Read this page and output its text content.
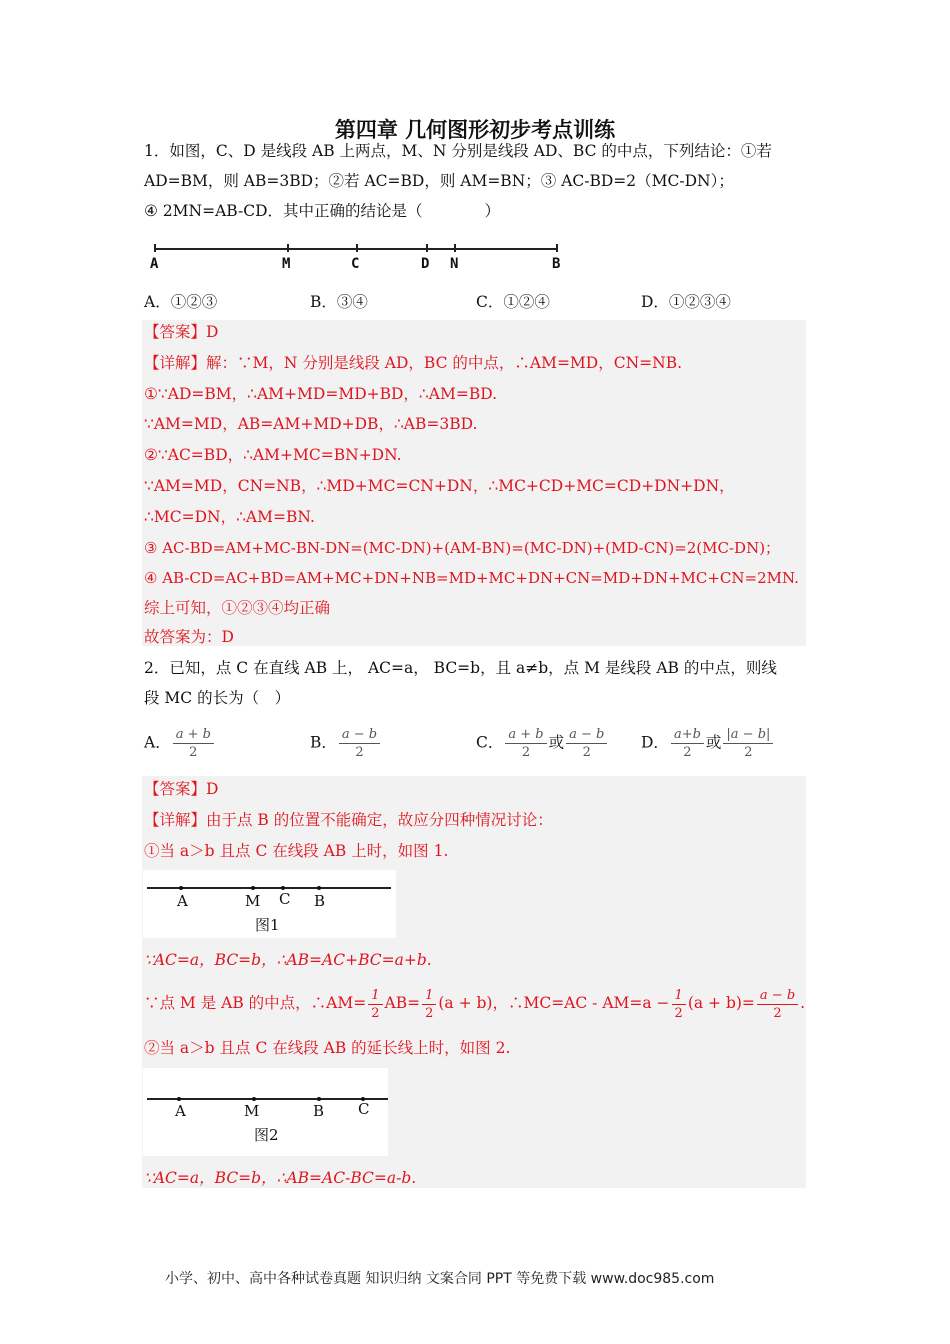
第四章 几何图形初步考点训练
1．如图，C、D 是线段 AB 上两点，M、N 分别是线段 AD、BC 的中点，下列结论：①若
AD=BM，则 AB=3BD；②若 AC=BD，则 AM=BN；③ AC-BD=2（MC-DN）；
④ 2MN=AB-CD．其中正确的结论是（　　　　）
A	M	C	D N	B
A．①②③	B．③④	C．①②④	D．①②③④
【答案】D
【详解】解：∵M，N 分别是线段 AD，BC 的中点，∴AM=MD，CN=NB.
①∵AD=BM，∴AM+MD=MD+BD，∴AM=BD.
∵AM=MD，AB=AM+MD+DB，∴AB=3BD.
②∵AC=BD，∴AM+MC=BN+DN.
∵AM=MD，CN=NB，∴MD+MC=CN+DN，∴MC+CD+MC=CD+DN+DN，
∴MC=DN，∴AM=BN.
③ AC-BD=AM+MC-BN-DN=(MC-DN)+(AM-BN)=(MC-DN)+(MD-CN)=2(MC-DN)；
④ AB-CD=AC+BD=AM+MC+DN+NB=MD+MC+DN+CN=MD+DN+MC+CN=2MN.
综上可知，①②③④均正确
故答案为：D
2．已知，点 C 在直线 AB 上， AC=a， BC=b，且 a≠b，点 M 是线段 AB 的中点，则线
段 MC 的长为（　）
A． $\frac{a + b}{2}$	B． $\frac{a - b}{2}$	C． $\frac{a + b}{2}$ 或 $\frac{a - b}{2}$ D． $\frac{a+b}{2}$ 或 $\frac{|a - b|}{2}$
【答案】D
【详解】由于点 B 的位置不能确定，故应分四种情况讨论：
①当 a＞b 且点 C 在线段 AB 上时，如图 1.
A	M C B
图1
∵AC=a，BC=b，∴AB=AC+BC=a+b.
∵点 M 是 AB 的中点，∴AM= $\frac{1}{2} AB= \frac{1}{2} (a + b)$，∴MC=AC - $AM=a - \frac{1}{2} (a + b)= \frac{a - b}{2}$ .
②当 a＞b 且点 C 在线段 AB 的延长线上时，如图 2.
A	M	B C
图2
∵AC=a，BC=b，∴AB=AC-BC=a-b.
小学、初中、高中各种试卷真题 知识归纳 文案合同 PPT 等免费下载 www.doc985.com
